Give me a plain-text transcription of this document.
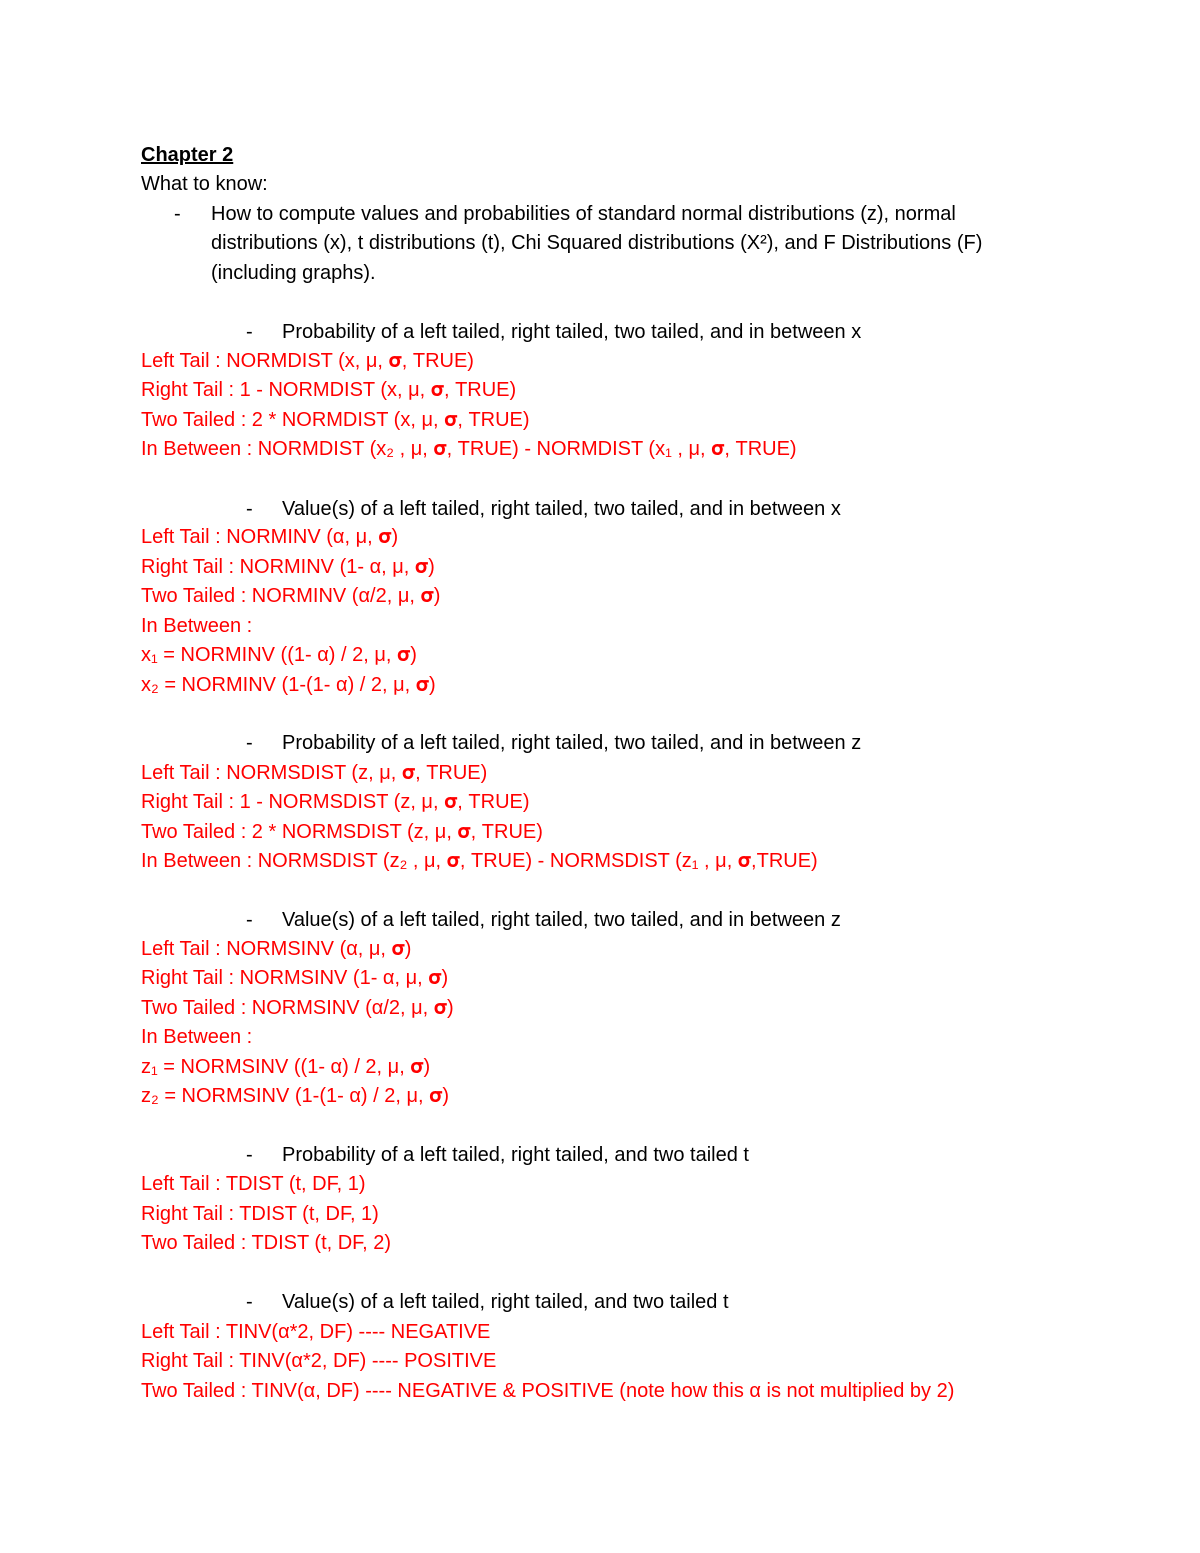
Chapter 2
What to know:
- How to compute values and probabilities of standard normal distributions (z), normal
distributions (x), t distributions (t), Chi Squared distributions (X²), and F Distributions (F)
(including graphs).
- Probability of a left tailed, right tailed, two tailed, and in between x
Left Tail : NORMDIST (x, μ, 𝛔, TRUE)
Right Tail : 1 - NORMDIST (x, μ, 𝛔, TRUE)
Two Tailed : 2 * NORMDIST (x, μ, 𝛔, TRUE)
In Between : NORMDIST (x₂ , μ, 𝛔, TRUE) - NORMDIST (x₁ , μ, 𝛔, TRUE)
- Value(s) of a left tailed, right tailed, two tailed, and in between x
Left Tail : NORMINV (α, μ, 𝛔)
Right Tail : NORMINV (1- α, μ, 𝛔)
Two Tailed : NORMINV (α/2, μ, 𝛔)
In Between :
x₁ = NORMINV ((1- α) / 2, μ, 𝛔)
x₂ = NORMINV (1-(1- α) / 2, μ, 𝛔)
- Probability of a left tailed, right tailed, two tailed, and in between z
Left Tail : NORMSDIST (z, μ, 𝛔, TRUE)
Right Tail : 1 - NORMSDIST (z, μ, 𝛔, TRUE)
Two Tailed : 2 * NORMSDIST (z, μ, 𝛔, TRUE)
In Between : NORMSDIST (z₂ , μ, 𝛔, TRUE) - NORMSDIST (z₁ , μ, 𝛔,TRUE)
- Value(s) of a left tailed, right tailed, two tailed, and in between z
Left Tail : NORMSINV (α, μ, 𝛔)
Right Tail : NORMSINV (1- α, μ, 𝛔)
Two Tailed : NORMSINV (α/2, μ, 𝛔)
In Between :
z₁ = NORMSINV ((1- α) / 2, μ, 𝛔)
z₂ = NORMSINV (1-(1- α) / 2, μ, 𝛔)
- Probability of a left tailed, right tailed, and two tailed t
Left Tail : TDIST (t, DF, 1)
Right Tail : TDIST (t, DF, 1)
Two Tailed : TDIST (t, DF, 2)
- Value(s) of a left tailed, right tailed, and two tailed t
Left Tail : TINV(α*2, DF) ---- NEGATIVE
Right Tail : TINV(α*2, DF) ---- POSITIVE
Two Tailed : TINV(α, DF) ---- NEGATIVE & POSITIVE (note how this α is not multiplied by 2)
